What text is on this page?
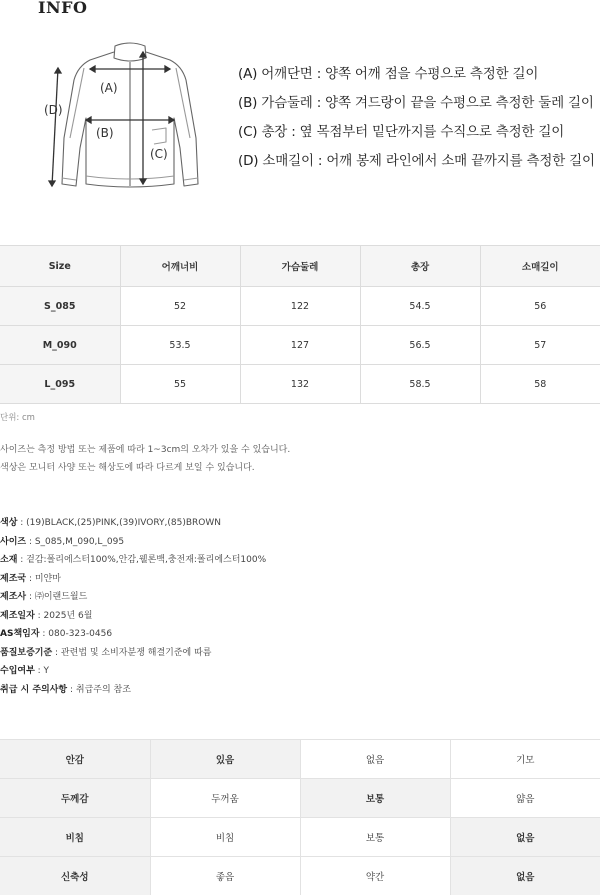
INFO
(A)
(B)
(C)
(D)
(A) 어깨단면 : 양쪽 어깨 점을 수평으로 측정한 길이
(B) 가슴둘레 : 양쪽 겨드랑이 끝을 수평으로 측정한 둘레 길이
(C) 총장 : 옆 목점부터 밑단까지를 수직으로 측정한 길이
(D) 소매길이 : 어깨 봉제 라인에서 소매 끝까지를 측정한 길이
Size	어깨너비	가슴둘레	총장	소매길이
S_085	52	122	54.5	56
M_090	53.5	127	56.5	57
L_095	55	132	58.5	58
단위: cm
사이즈는 측정 방법 또는 제품에 따라 1~3cm의 오차가 있을 수 있습니다.
색상은 모니터 사양 또는 해상도에 따라 다르게 보일 수 있습니다.
색상 : (19)BLACK,(25)PINK,(39)IVORY,(85)BROWN
사이즈 : S_085,M_090,L_095
소재 : 겉감:폴리에스터100%,안감,웰론백,충전재:폴리에스터100%
제조국 : 미얀마
제조사 : ㈜이랜드월드
제조일자 : 2025년 6월
AS책임자 : 080-323-0456
품질보증기준 : 관련법 및 소비자분쟁 해결기준에 따름
수입여부 : Y
취급 시 주의사항 : 취급주의 참조
안감	있음	없음	기모
두께감	두꺼움	보통	얇음
비침	비침	보통	없음
신축성	좋음	약간	없음
